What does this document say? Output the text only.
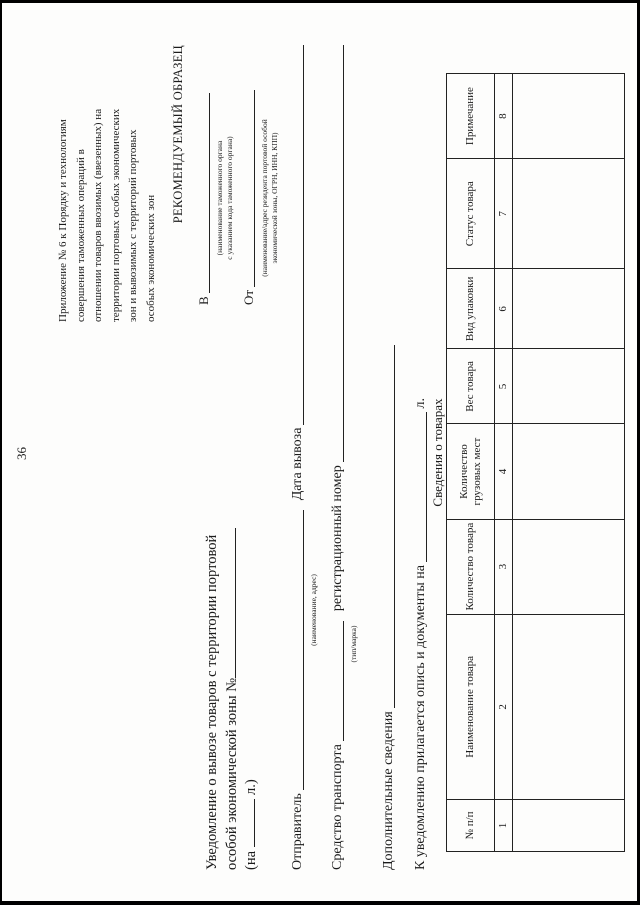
36
Приложение № 6 к Порядку и технологиям совершения таможенных операций в отношении товаров ввозимых (ввезенных) на территории портовых особых экономических зон и вывозимых с территорий портовых особых экономических зон
РЕКОМЕНДУЕМЫЙ ОБРАЗЕЦ
В
(наименование таможенного органа с указанием кода таможенного органа)
От
(наименование/адрес резидента портовой особой экономической зоны, ОГРН, ИНН, КПП)
Уведомление о вывозе товаров с территории портовой особой экономической зоны № (нал.)
Отправитель
Дата вывоза
(наименование, адрес)
Средство транспорта
регистрационный номер
(тип/марка)
Дополнительные сведения К уведомлению прилагается опись и документы на
л. Сведения о товарах
№ п/п	Наименование товара	Количество товара	Количество грузовых мест	Вес товара	Вид упаковки	Статус товара	Примечание
1	2	3	4	5	6	7	8
